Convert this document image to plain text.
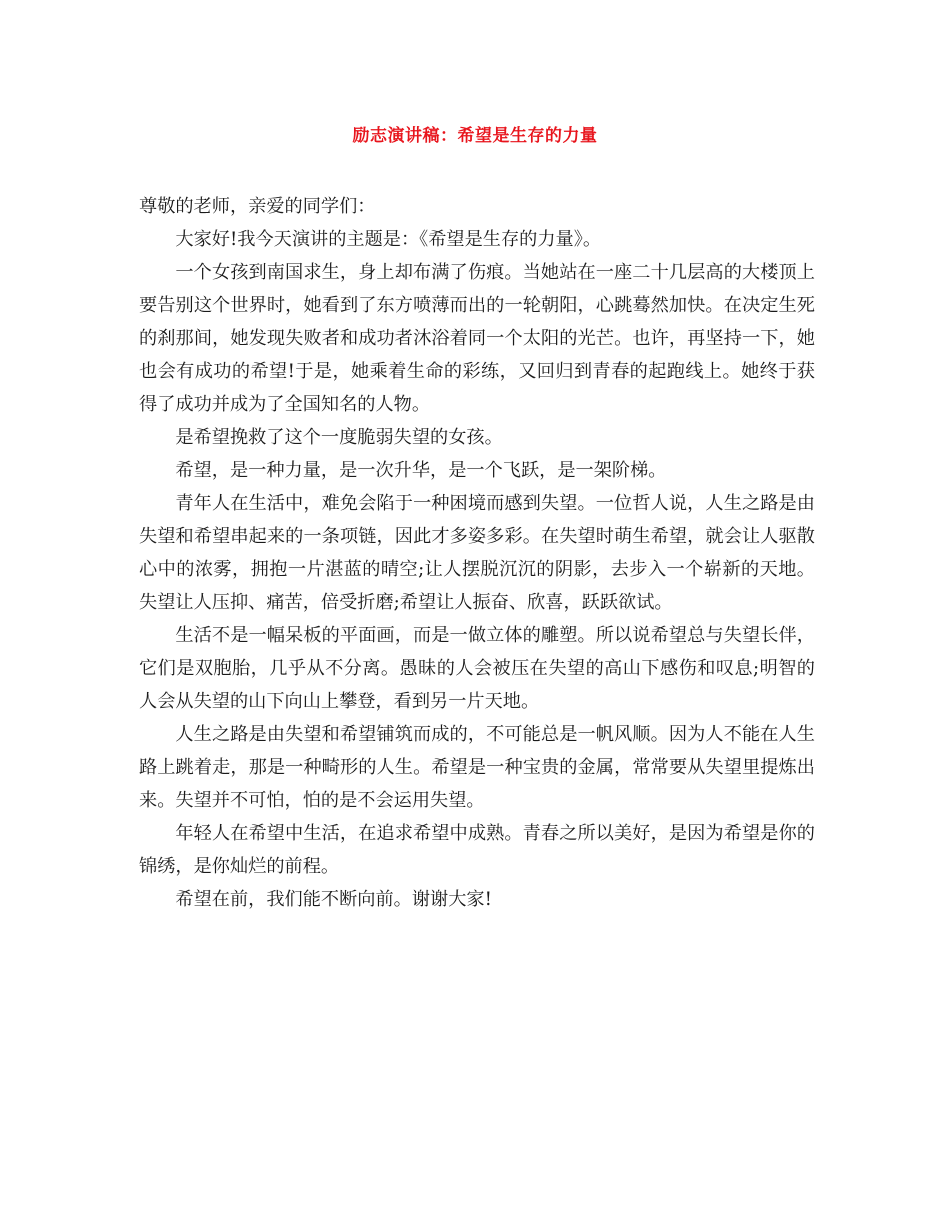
励志演讲稿：希望是生存的力量

尊敬的老师，亲爱的同学们：

大家好!我今天演讲的主题是：《希望是生存的力量》。

一个女孩到南国求生，身上却布满了伤痕。当她站在一座二十几层高的大楼顶上要告别这个世界时，她看到了东方喷薄而出的一轮朝阳，心跳蓦然加快。在决定生死的刹那间，她发现失败者和成功者沐浴着同一个太阳的光芒。也许，再坚持一下，她也会有成功的希望!于是，她乘着生命的彩练，又回归到青春的起跑线上。她终于获得了成功并成为了全国知名的人物。

是希望挽救了这个一度脆弱失望的女孩。

希望，是一种力量，是一次升华，是一个飞跃，是一架阶梯。

青年人在生活中，难免会陷于一种困境而感到失望。一位哲人说，人生之路是由失望和希望串起来的一条项链，因此才多姿多彩。在失望时萌生希望，就会让人驱散心中的浓雾，拥抱一片湛蓝的晴空;让人摆脱沉沉的阴影，去步入一个崭新的天地。失望让人压抑、痛苦，倍受折磨;希望让人振奋、欣喜，跃跃欲试。

生活不是一幅呆板的平面画，而是一做立体的雕塑。所以说希望总与失望长伴，它们是双胞胎，几乎从不分离。愚昧的人会被压在失望的高山下感伤和叹息;明智的人会从失望的山下向山上攀登，看到另一片天地。

人生之路是由失望和希望铺筑而成的，不可能总是一帆风顺。因为人不能在人生路上跳着走，那是一种畸形的人生。希望是一种宝贵的金属，常常要从失望里提炼出来。失望并不可怕，怕的是不会运用失望。

年轻人在希望中生活，在追求希望中成熟。青春之所以美好，是因为希望是你的锦绣，是你灿烂的前程。

希望在前，我们能不断向前。谢谢大家!
